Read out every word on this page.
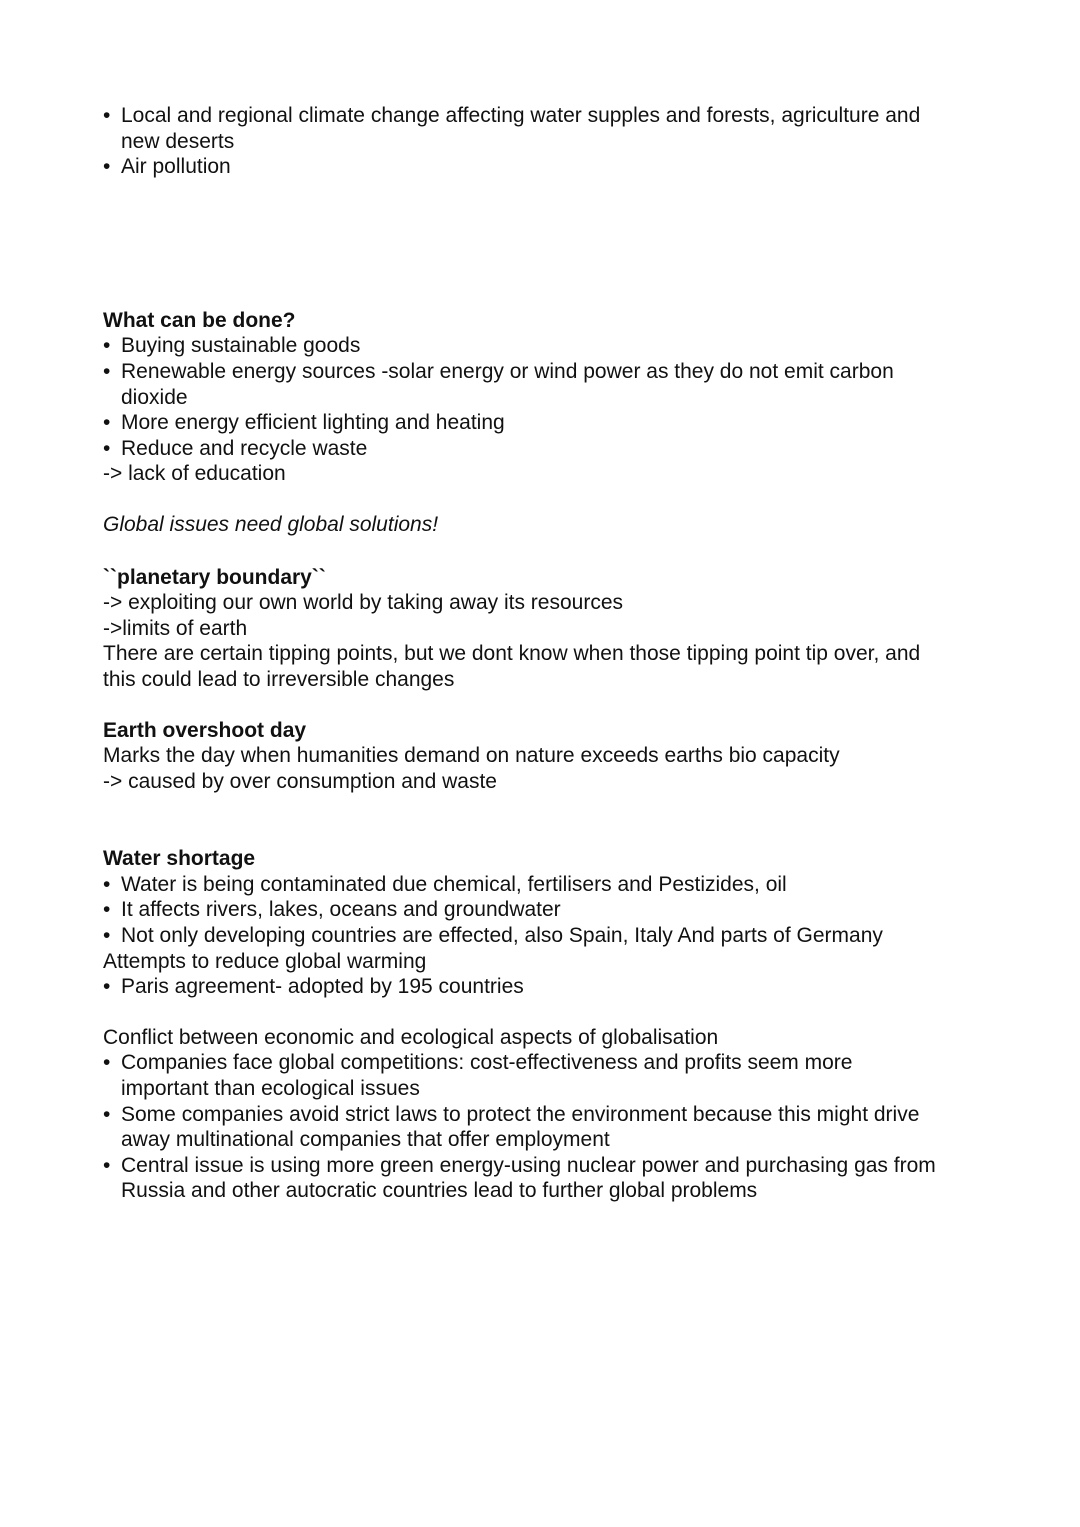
• Local and regional climate change affecting water supples and forests, agriculture and
new deserts
• Air pollution
What can be done?
• Buying sustainable goods
• Renewable energy sources -solar energy or wind power as they do not emit carbon
dioxide
• More energy efficient lighting and heating
• Reduce and recycle waste
-> lack of education
Global issues need global solutions!
``planetary boundary``
-> exploiting our own world by taking away its resources
->limits of earth
There are certain tipping points, but we dont know when those tipping point tip over, and
this could lead to irreversible changes
Earth overshoot day
Marks the day when humanities demand on nature exceeds earths bio capacity
-> caused by over consumption and waste
Water shortage
• Water is being contaminated due chemical, fertilisers and Pestizides, oil
• It affects rivers, lakes, oceans and groundwater
• Not only developing countries are effected, also Spain, Italy And parts of Germany
Attempts to reduce global warming
• Paris agreement- adopted by 195 countries
Conflict between economic and ecological aspects of globalisation
• Companies face global competitions: cost-effectiveness and profits seem more
important than ecological issues
• Some companies avoid strict laws to protect the environment because this might drive
away multinational companies that offer employment
• Central issue is using more green energy-using nuclear power and purchasing gas from
Russia and other autocratic countries lead to further global problems
